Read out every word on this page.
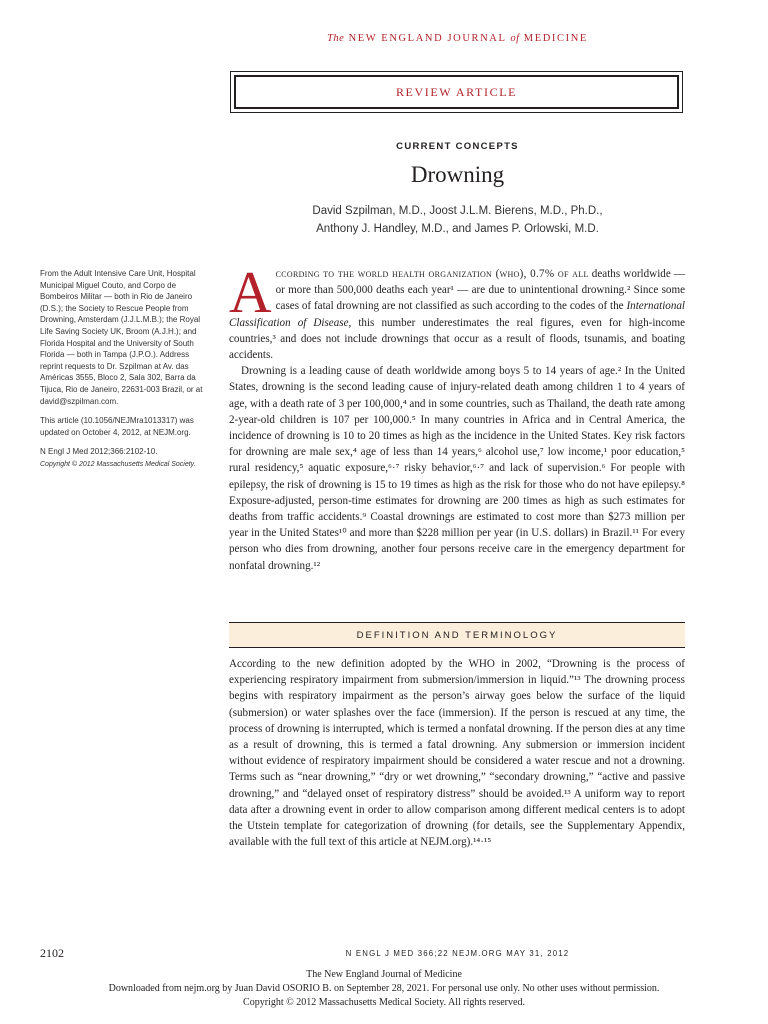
The NEW ENGLAND JOURNAL of MEDICINE
REVIEW ARTICLE
CURRENT CONCEPTS
Drowning
David Szpilman, M.D., Joost J.L.M. Bierens, M.D., Ph.D.,
Anthony J. Handley, M.D., and James P. Orlowski, M.D.

From the Adult Intensive Care Unit, Hospital Municipal Miguel Couto, and Corpo de Bombeiros Militar — both in Rio de Janeiro (D.S.); the Society to Rescue People from Drowning, Amsterdam (J.J.L.M.B.); the Royal Life Saving Society UK, Broom (A.J.H.); and Florida Hospital and the University of South Florida — both in Tampa (J.P.O.). Address reprint requests to Dr. Szpilman at Av. das Américas 3555, Bloco 2, Sala 302, Barra da Tijuca, Rio de Janeiro, 22631-003 Brazil, or at david@szpilman.com.

This article (10.1056/NEJMra1013317) was updated on October 4, 2012, at NEJM.org.

N Engl J Med 2012;366:2102-10.

Copyright © 2012 Massachusetts Medical Society.

According to the world health organization (who), 0.7% of all deaths worldwide — or more than 500,000 deaths each year¹ — are due to unintentional drowning.² Since some cases of fatal drowning are not classified as such according to the codes of the International Classification of Disease, this number underestimates the real figures, even for high-income countries,³ and does not include drownings that occur as a result of floods, tsunamis, and boating accidents.

Drowning is a leading cause of death worldwide among boys 5 to 14 years of age.² In the United States, drowning is the second leading cause of injury-related death among children 1 to 4 years of age, with a death rate of 3 per 100,000,⁴ and in some countries, such as Thailand, the death rate among 2-year-old children is 107 per 100,000.⁵ In many countries in Africa and in Central America, the incidence of drowning is 10 to 20 times as high as the incidence in the United States. Key risk factors for drowning are male sex,⁴ age of less than 14 years,⁶ alcohol use,⁷ low income,¹ poor education,⁵ rural residency,⁵ aquatic exposure,⁶·⁷ risky behavior,⁶·⁷ and lack of supervision.⁶ For people with epilepsy, the risk of drowning is 15 to 19 times as high as the risk for those who do not have epilepsy.⁸ Exposure-adjusted, person-time estimates for drowning are 200 times as high as such estimates for deaths from traffic accidents.⁹ Coastal drownings are estimated to cost more than $273 million per year in the United States¹⁰ and more than $228 million per year (in U.S. dollars) in Brazil.¹¹ For every person who dies from drowning, another four persons receive care in the emergency department for nonfatal drowning.¹²

DEFINITION AND TERMINOLOGY

According to the new definition adopted by the WHO in 2002, “Drowning is the process of experiencing respiratory impairment from submersion/immersion in liquid.”¹³ The drowning process begins with respiratory impairment as the person’s airway goes below the surface of the liquid (submersion) or water splashes over the face (immersion). If the person is rescued at any time, the process of drowning is interrupted, which is termed a nonfatal drowning. If the person dies at any time as a result of drowning, this is termed a fatal drowning. Any submersion or immersion incident without evidence of respiratory impairment should be considered a water rescue and not a drowning. Terms such as “near drowning,” “dry or wet drowning,” “secondary drowning,” “active and passive drowning,” and “delayed onset of respiratory distress” should be avoided.¹³ A uniform way to report data after a drowning event in order to allow comparison among different medical centers is to adopt the Utstein template for categorization of drowning (for details, see the Supplementary Appendix, available with the full text of this article at NEJM.org).¹⁴·¹⁵

2102	N ENGL J MED 366;22 NEJM.ORG MAY 31, 2012
The New England Journal of Medicine
Downloaded from nejm.org by Juan David OSORIO B. on September 28, 2021. For personal use only. No other uses without permission.
Copyright © 2012 Massachusetts Medical Society. All rights reserved.
